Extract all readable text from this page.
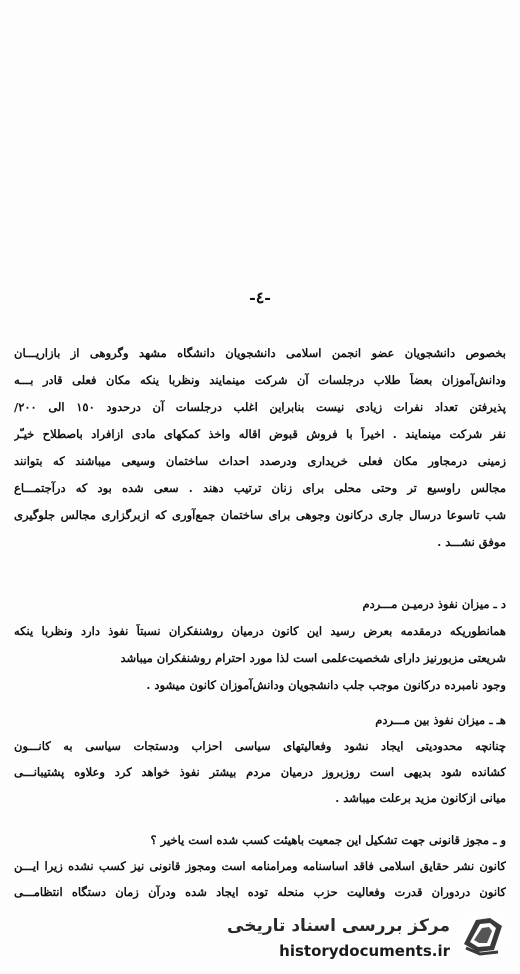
-٤-
بخصوص دانشجویان عضو انجمن اسلامی دانشجویان دانشگاه مشهد وگروهی از بازاریـــان
ودانش‌آموزان بعضاً طلاب درجلسات آن شرکت مینمایند ونظربا ینکه مکان فعلی قادر بـــه
پذیرفتن تعداد نفرات زیادی نیست بنابراین اغلب درجلسات آن درحدود ١٥٠ الی ٢٠٠/
نفر شرکت مینمایند . اخیراً با فروش قبوض اقاله واخذ کمکهای مادی ازافراد باصطلاح خیـّر
زمینی درمجاور مکان فعلی خریداری ودرصدد احداث ساختمان وسیعی میباشند که بتوانند
مجالس راوسیع تر وحتی محلی برای زنان ترتیب دهند . سعی شده بود که درآجتمـــاع
شب تاسوعا درسال جاری درکانون وجوهی برای ساختمان جمع‌آوری که ازبرگزاری مجالس جلوگیری
موفق نشـــد .
د ـ میزان نفوذ درمیـن مـــردم
همانطوریکه درمقدمه بعرض رسید این کانون درمیان روشنفکران نسبتاً نفوذ دارد ونظربا ینکه
شریعتی مزبورنیز دارای شخصیت‌علمی است لذا مورد احترام روشنفکران میباشد
وجود نامبرده درکانون موجب جلب دانشجویان ودانش‌آموزان کانون میشود .
هـ ـ میزان نفوذ بین مـــردم
چنانچه محدودیتی ایجاد نشود وفعالیتهای سیاسی احزاب ودستجات سیاسی به کانـــون
کشانده شود بدیهی است روزبروز درمیان مردم بیشتر نفوذ خواهد کرد وعلاوه پشتیبانـــی
میانی ازکانون مزید برعلت میباشد .
و ـ مجوز قانونی جهت تشکیل این جمعیت باهیئت کسب شده است یاخیر ؟
کانون نشر حقایق اسلامی فاقد اساسنامه ومرامنامه است ومجوز قانونی نیز کسب نشده زیرا ایـــن
کانون دردوران قدرت وفعالیت حزب منحله توده ایجاد شده ودرآن زمان دستگاه انتظامـــی
مرکز بررسی اسناد تاریخی
historydocuments.ir
